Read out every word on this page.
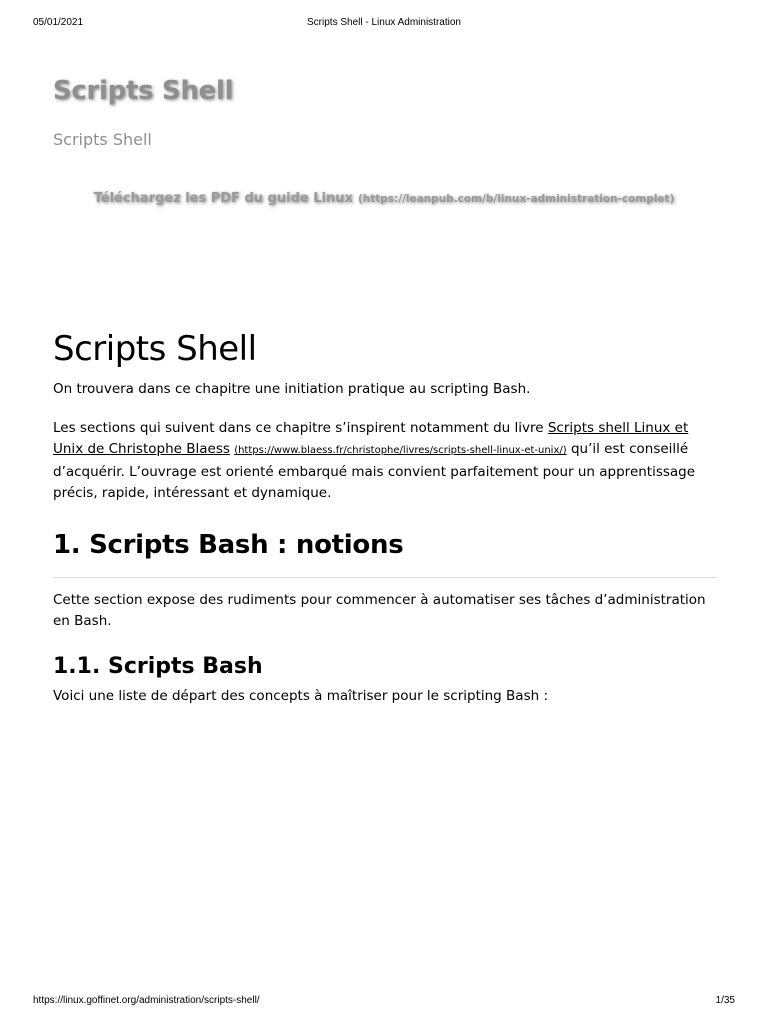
05/01/2021	Scripts Shell - Linux Administration
Scripts Shell
Scripts Shell
Téléchargez les PDF du guide Linux (https://leanpub.com/b/linux-administration-complet)
Scripts Shell

On trouvera dans ce chapitre une initiation pratique au scripting Bash.

Les sections qui suivent dans ce chapitre s’inspirent notamment du livre Scripts shell Linux et Unix de Christophe Blaess (https://www.blaess.fr/christophe/livres/scripts-shell-linux-et-unix/) qu’il est conseillé d’acquérir. L’ouvrage est orienté embarqué mais convient parfaitement pour un apprentissage précis, rapide, intéressant et dynamique.

1. Scripts Bash : notions

Cette section expose des rudiments pour commencer à automatiser ses tâches d’administration en Bash.

1.1. Scripts Bash

Voici une liste de départ des concepts à maîtriser pour le scripting Bash :

https://linux.goffinet.org/administration/scripts-shell/	1/35
